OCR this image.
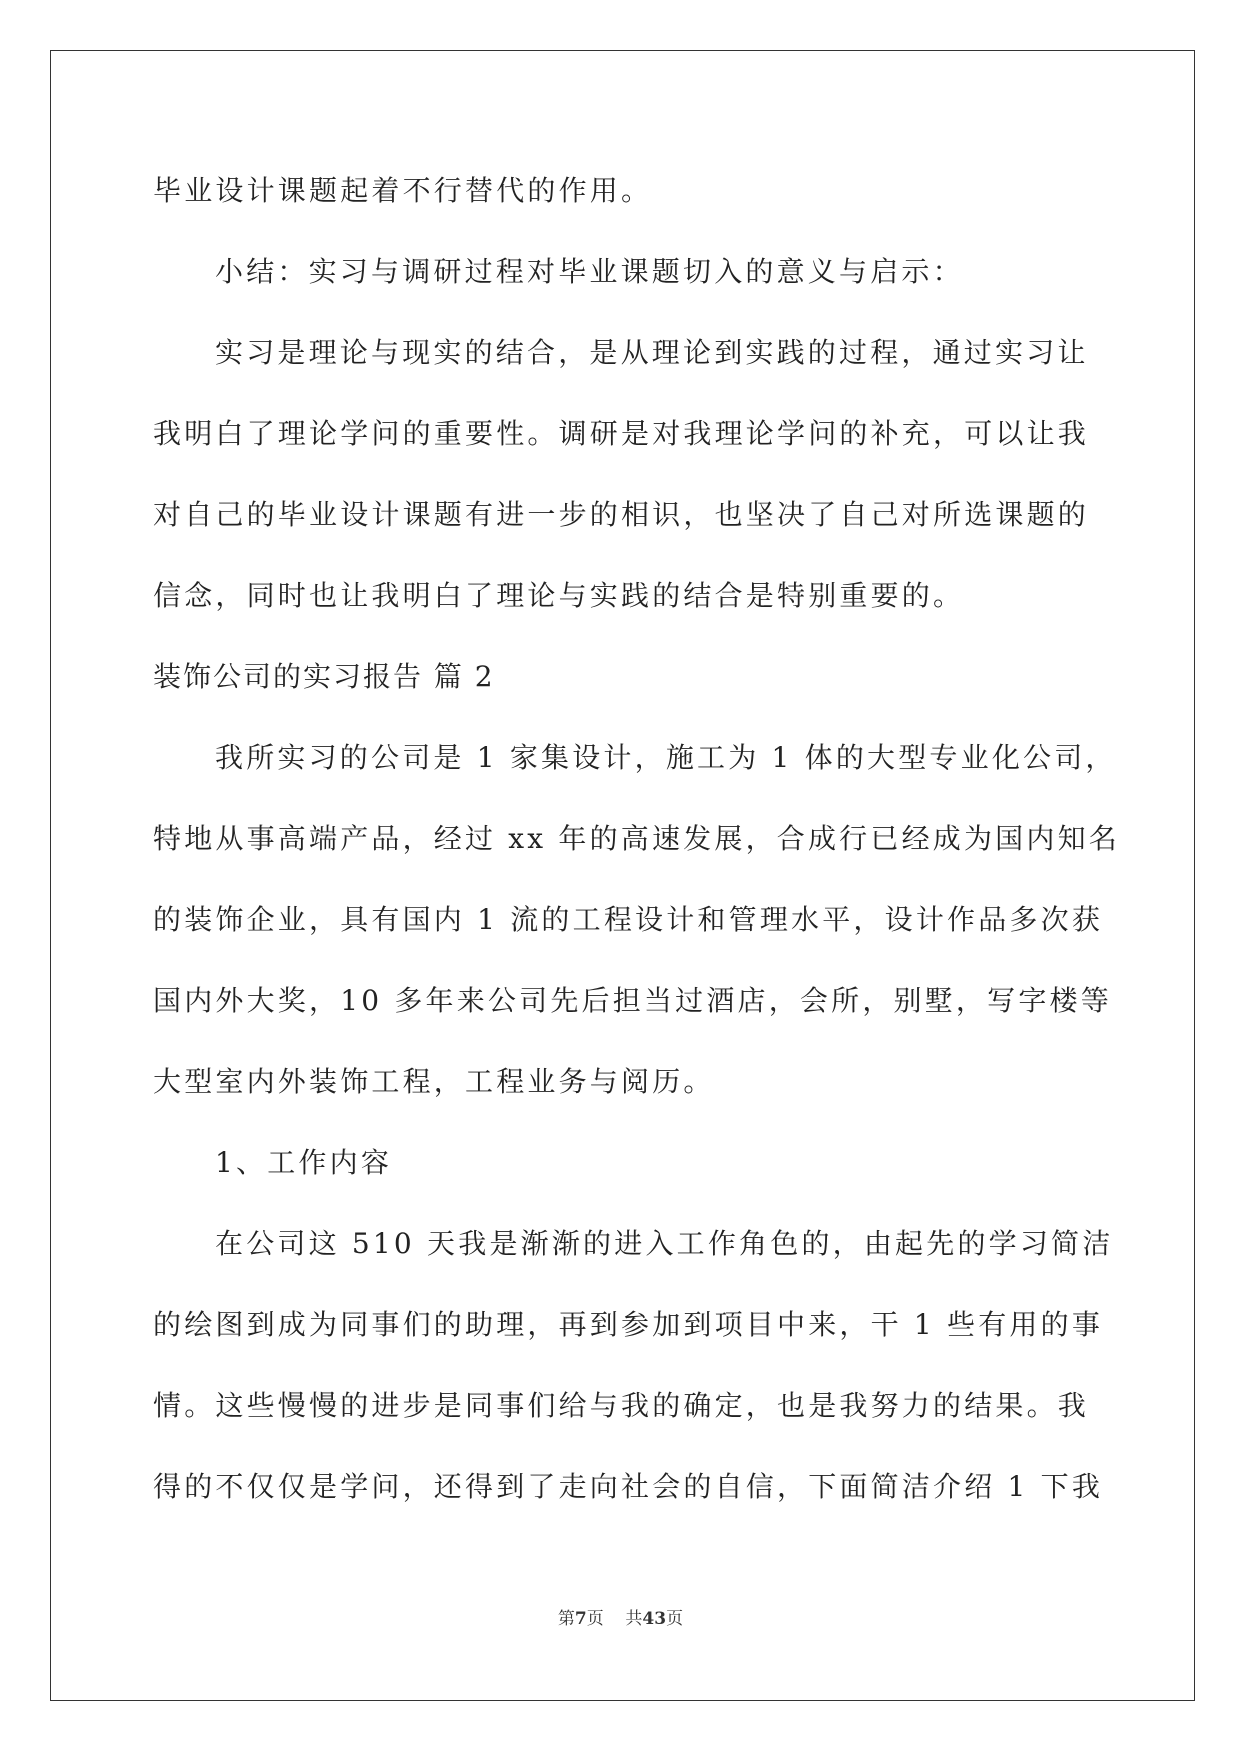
毕业设计课题起着不行替代的作用。
小结：实习与调研过程对毕业课题切入的意义与启示：
实习是理论与现实的结合，是从理论到实践的过程，通过实习让
我明白了理论学问的重要性。调研是对我理论学问的补充，可以让我
对自己的毕业设计课题有进一步的相识，也坚决了自己对所选课题的
信念，同时也让我明白了理论与实践的结合是特别重要的。
装饰公司的实习报告 篇 2
我所实习的公司是 1 家集设计，施工为 1 体的大型专业化公司，
特地从事高端产品，经过 xx 年的高速发展，合成行已经成为国内知名
的装饰企业，具有国内 1 流的工程设计和管理水平，设计作品多次获
国内外大奖，10 多年来公司先后担当过酒店，会所，别墅，写字楼等
大型室内外装饰工程，工程业务与阅历。
1、工作内容
在公司这 510 天我是渐渐的进入工作角色的，由起先的学习简洁
的绘图到成为同事们的助理，再到参加到项目中来，干 1 些有用的事
情。这些慢慢的进步是同事们给与我的确定，也是我努力的结果。我
得的不仅仅是学问，还得到了走向社会的自信，下面简洁介绍 1 下我
第7页 共43页
